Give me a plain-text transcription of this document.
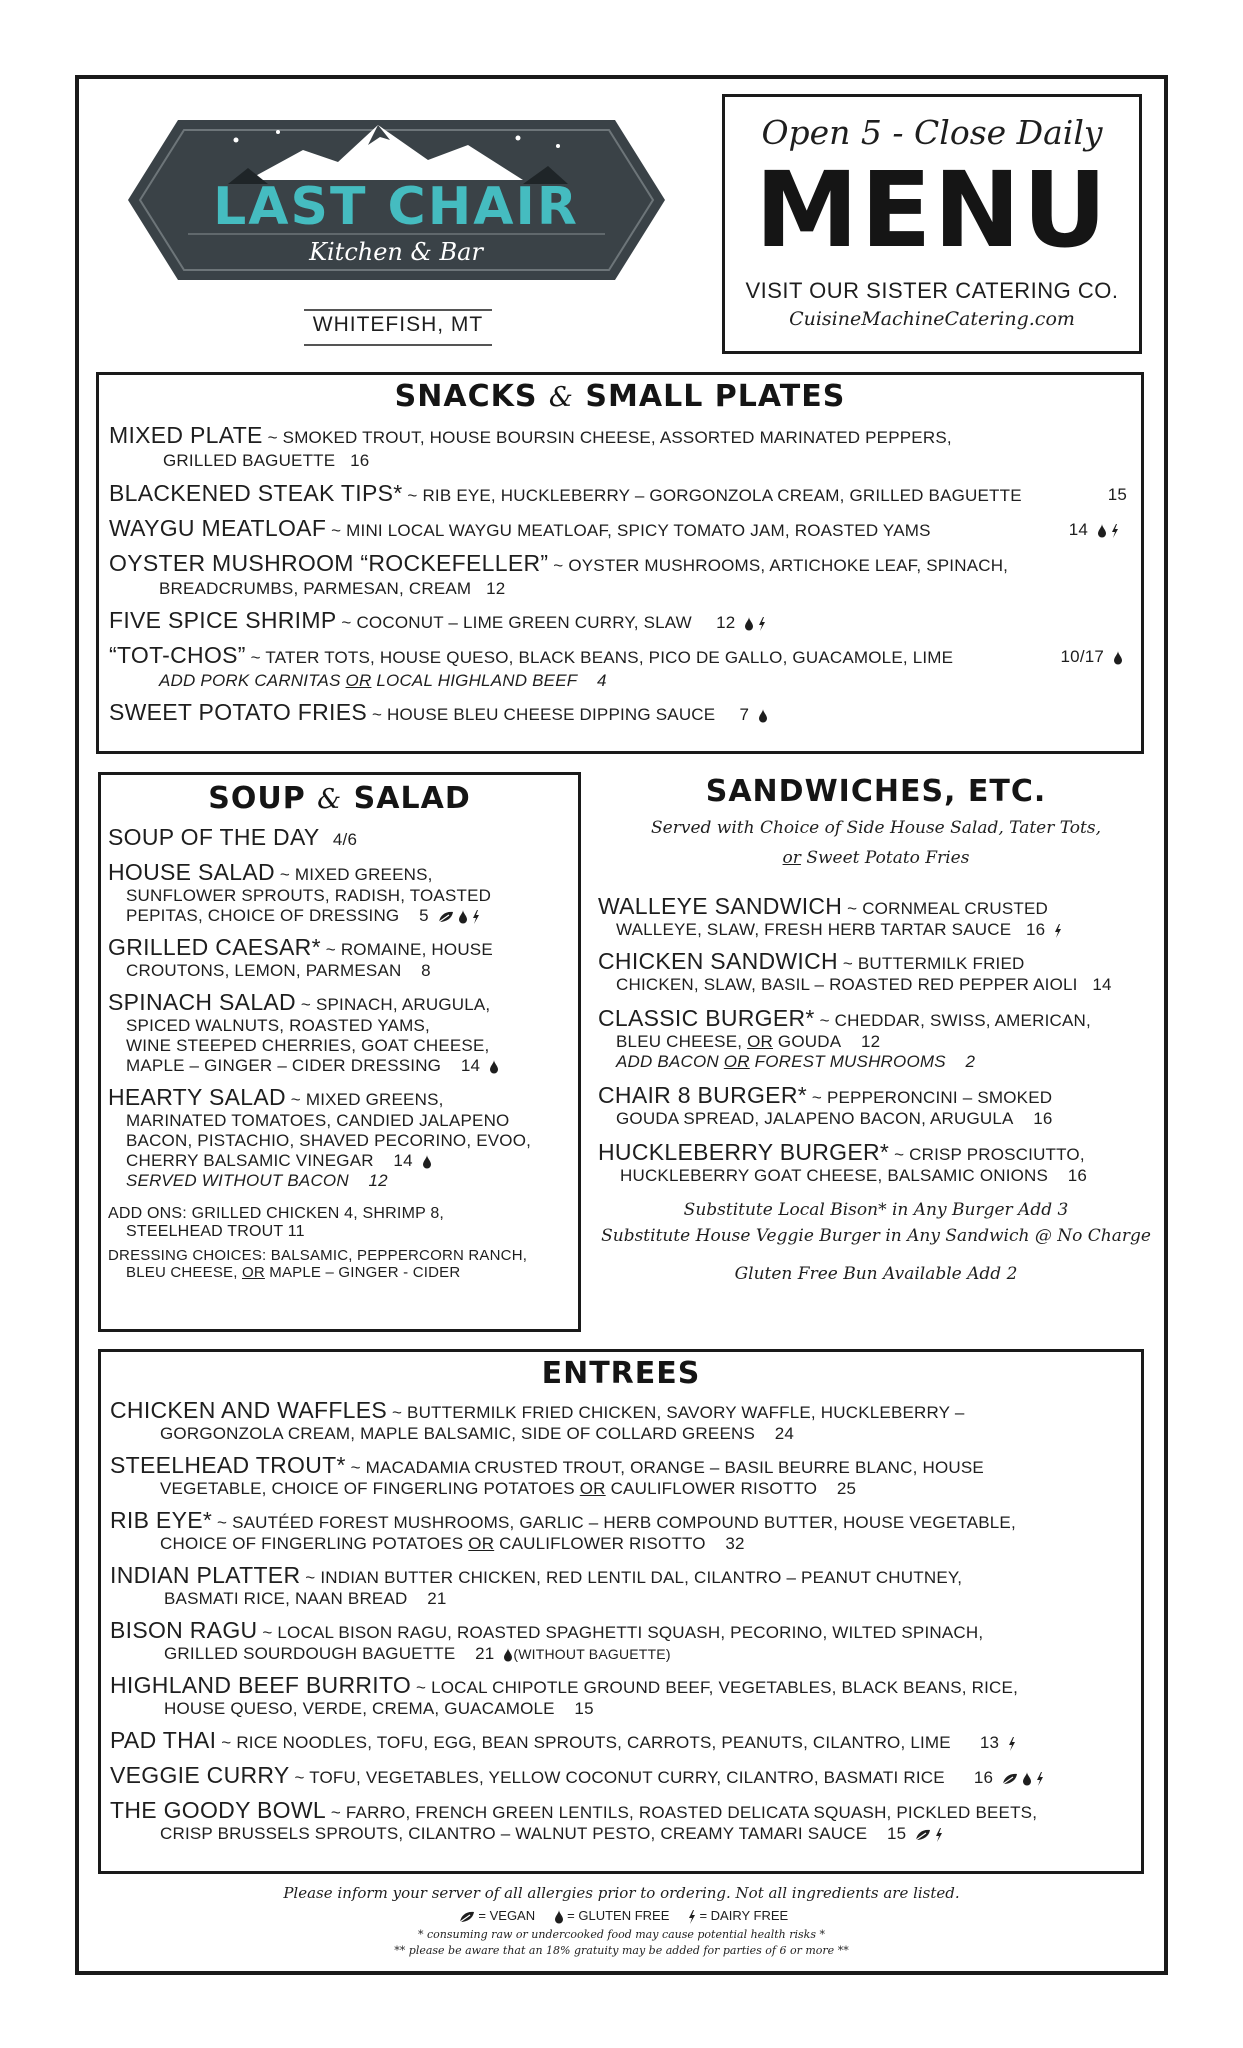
LAST CHAIR
Kitchen & Bar
WHITEFISH, MT
Open 5 - Close Daily
MENU
VISIT OUR SISTER CATERING CO.
CuisineMachineCatering.com
SNACKS & SMALL PLATES
MIXED PLATE ~ SMOKED TROUT, HOUSE BOURSIN CHEESE, ASSORTED MARINATED PEPPERS,
GRILLED BAGUETTE 16
BLACKENED STEAK TIPS* ~ RIB EYE, HUCKLEBERRY – GORGONZOLA CREAM, GRILLED BAGUETTE	15
WAYGU MEATLOAF ~ MINI LOCAL WAYGU MEATLOAF, SPICY TOMATO JAM, ROASTED YAMS	14
OYSTER MUSHROOM “ROCKEFELLER” ~ OYSTER MUSHROOMS, ARTICHOKE LEAF, SPINACH,
BREADCRUMBS, PARMESAN, CREAM 12
FIVE SPICE SHRIMP ~ COCONUT – LIME GREEN CURRY, SLAW 12
“TOT-CHOS” ~ TATER TOTS, HOUSE QUESO, BLACK BEANS, PICO DE GALLO, GUACAMOLE, LIME	10/17
ADD PORK CARNITAS OR LOCAL HIGHLAND BEEF 4
SWEET POTATO FRIES ~ HOUSE BLEU CHEESE DIPPING SAUCE 7
SOUP & SALAD
SOUP OF THE DAY 4/6
HOUSE SALAD ~ MIXED GREENS,
SUNFLOWER SPROUTS, RADISH, TOASTED
PEPITAS, CHOICE OF DRESSING 5
GRILLED CAESAR* ~ ROMAINE, HOUSE
CROUTONS, LEMON, PARMESAN 8
SPINACH SALAD ~ SPINACH, ARUGULA,
SPICED WALNUTS, ROASTED YAMS,
WINE STEEPED CHERRIES, GOAT CHEESE,
MAPLE – GINGER – CIDER DRESSING 14
HEARTY SALAD ~ MIXED GREENS,
MARINATED TOMATOES, CANDIED JALAPENO
BACON, PISTACHIO, SHAVED PECORINO, EVOO,
CHERRY BALSAMIC VINEGAR 14
SERVED WITHOUT BACON 12
ADD ONS: GRILLED CHICKEN 4, SHRIMP 8,
STEELHEAD TROUT 11
DRESSING CHOICES: BALSAMIC, PEPPERCORN RANCH,
BLEU CHEESE, OR MAPLE – GINGER - CIDER
SANDWICHES, ETC.
Served with Choice of Side House Salad, Tater Tots,
or Sweet Potato Fries
WALLEYE SANDWICH ~ CORNMEAL CRUSTED
WALLEYE, SLAW, FRESH HERB TARTAR SAUCE 16
CHICKEN SANDWICH ~ BUTTERMILK FRIED
CHICKEN, SLAW, BASIL – ROASTED RED PEPPER AIOLI 14
CLASSIC BURGER* ~ CHEDDAR, SWISS, AMERICAN,
BLEU CHEESE, OR GOUDA 12
ADD BACON OR FOREST MUSHROOMS 2
CHAIR 8 BURGER* ~ PEPPERONCINI – SMOKED
GOUDA SPREAD, JALAPENO BACON, ARUGULA 16
HUCKLEBERRY BURGER* ~ CRISP PROSCIUTTO,
HUCKLEBERRY GOAT CHEESE, BALSAMIC ONIONS 16
Substitute Local Bison* in Any Burger Add 3
Substitute House Veggie Burger in Any Sandwich @ No Charge
Gluten Free Bun Available Add 2
ENTREES
CHICKEN AND WAFFLES ~ BUTTERMILK FRIED CHICKEN, SAVORY WAFFLE, HUCKLEBERRY –
GORGONZOLA CREAM, MAPLE BALSAMIC, SIDE OF COLLARD GREENS 24
STEELHEAD TROUT* ~ MACADAMIA CRUSTED TROUT, ORANGE – BASIL BEURRE BLANC, HOUSE
VEGETABLE, CHOICE OF FINGERLING POTATOES OR CAULIFLOWER RISOTTO 25
RIB EYE* ~ SAUTÉED FOREST MUSHROOMS, GARLIC – HERB COMPOUND BUTTER, HOUSE VEGETABLE,
CHOICE OF FINGERLING POTATOES OR CAULIFLOWER RISOTTO 32
INDIAN PLATTER ~ INDIAN BUTTER CHICKEN, RED LENTIL DAL, CILANTRO – PEANUT CHUTNEY,
BASMATI RICE, NAAN BREAD 21
BISON RAGU ~ LOCAL BISON RAGU, ROASTED SPAGHETTI SQUASH, PECORINO, WILTED SPINACH,
GRILLED SOURDOUGH BAGUETTE 21 (WITHOUT BAGUETTE)
HIGHLAND BEEF BURRITO ~ LOCAL CHIPOTLE GROUND BEEF, VEGETABLES, BLACK BEANS, RICE,
HOUSE QUESO, VERDE, CREMA, GUACAMOLE 15
PAD THAI ~ RICE NOODLES, TOFU, EGG, BEAN SPROUTS, CARROTS, PEANUTS, CILANTRO, LIME 13
VEGGIE CURRY ~ TOFU, VEGETABLES, YELLOW COCONUT CURRY, CILANTRO, BASMATI RICE 16
THE GOODY BOWL ~ FARRO, FRENCH GREEN LENTILS, ROASTED DELICATA SQUASH, PICKLED BEETS,
CRISP BRUSSELS SPROUTS, CILANTRO – WALNUT PESTO, CREAMY TAMARI SAUCE 15
Please inform your server of all allergies prior to ordering. Not all ingredients are listed.
= VEGAN     = GLUTEN FREE     = DAIRY FREE
* consuming raw or undercooked food may cause potential health risks *
** please be aware that an 18% gratuity may be added for parties of 6 or more **
